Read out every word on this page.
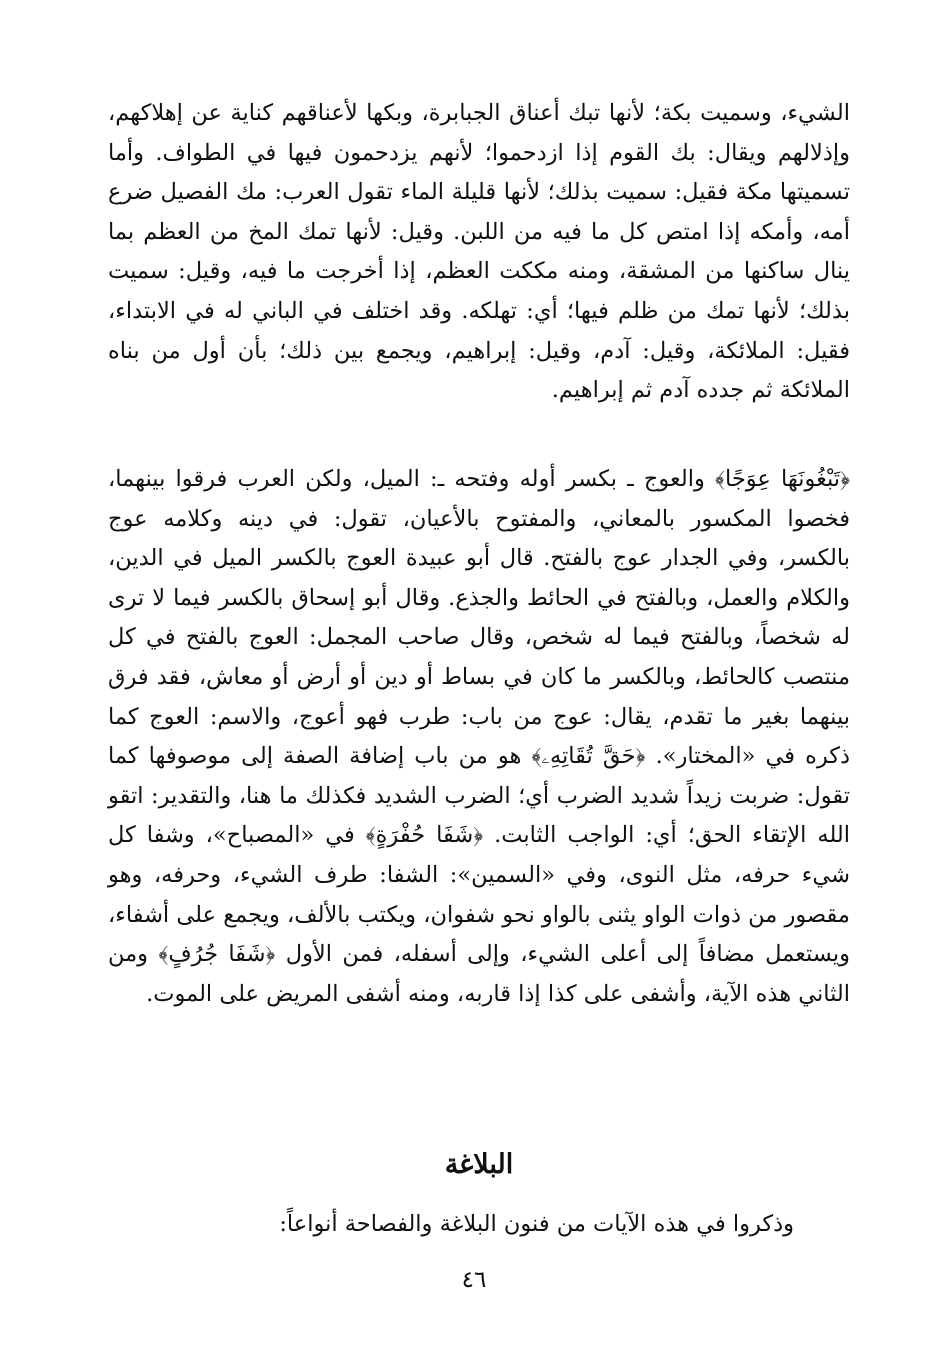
الشيء، وسميت بكة؛ لأنها تبك أعناق الجبابرة، وبكها لأعناقهم كناية عن إهلاكهم، وإذلالهم ويقال: بك القوم إذا ازدحموا؛ لأنهم يزدحمون فيها في الطواف. وأما تسميتها مكة فقيل: سميت بذلك؛ لأنها قليلة الماء تقول العرب: مك الفصيل ضرع أمه، وأمكه إذا امتص كل ما فيه من اللبن. وقيل: لأنها تمك المخ من العظم بما ينال ساكنها من المشقة، ومنه مككت العظم، إذا أخرجت ما فيه، وقيل: سميت بذلك؛ لأنها تمك من ظلم فيها؛ أي: تهلكه. وقد اختلف في الباني له في الابتداء، فقيل: الملائكة، وقيل: آدم، وقيل: إبراهيم، ويجمع بين ذلك؛ بأن أول من بناه الملائكة ثم جدده آدم ثم إبراهيم.

﴿تَبْغُونَهَا عِوَجًا﴾ والعوج ـ بكسر أوله وفتحه ـ: الميل، ولكن العرب فرقوا بينهما، فخصوا المكسور بالمعاني، والمفتوح بالأعيان، تقول: في دينه وكلامه عوج بالكسر، وفي الجدار عوج بالفتح. قال أبو عبيدة العوج بالكسر الميل في الدين، والكلام والعمل، وبالفتح في الحائط والجذع. وقال أبو إسحاق بالكسر فيما لا ترى له شخصاً، وبالفتح فيما له شخص، وقال صاحب المجمل: العوج بالفتح في كل منتصب كالحائط، وبالكسر ما كان في بساط أو دين أو أرض أو معاش، فقد فرق بينهما بغير ما تقدم، يقال: عوج من باب: طرب فهو أعوج، والاسم: العوج كما ذكره في «المختار». ﴿حَقَّ تُقَاتِهِۦ﴾ هو من باب إضافة الصفة إلى موصوفها كما تقول: ضربت زيداً شديد الضرب أي؛ الضرب الشديد فكذلك ما هنا، والتقدير: اتقو الله الإتقاء الحق؛ أي: الواجب الثابت. ﴿شَفَا حُفْرَةٍ﴾ في «المصباح»، وشفا كل شيء حرفه، مثل النوى، وفي «السمين»: الشفا: طرف الشيء، وحرفه، وهو مقصور من ذوات الواو يثنى بالواو نحو شفوان، ويكتب بالألف، ويجمع على أشفاء، ويستعمل مضافاً إلى أعلى الشيء، وإلى أسفله، فمن الأول ﴿شَفَا جُرُفٍ﴾ ومن الثاني هذه الآية، وأشفى على كذا إذا قاربه، ومنه أشفى المريض على الموت.

البلاغة

وذكروا في هذه الآيات من فنون البلاغة والفصاحة أنواعاً:

٤٦
